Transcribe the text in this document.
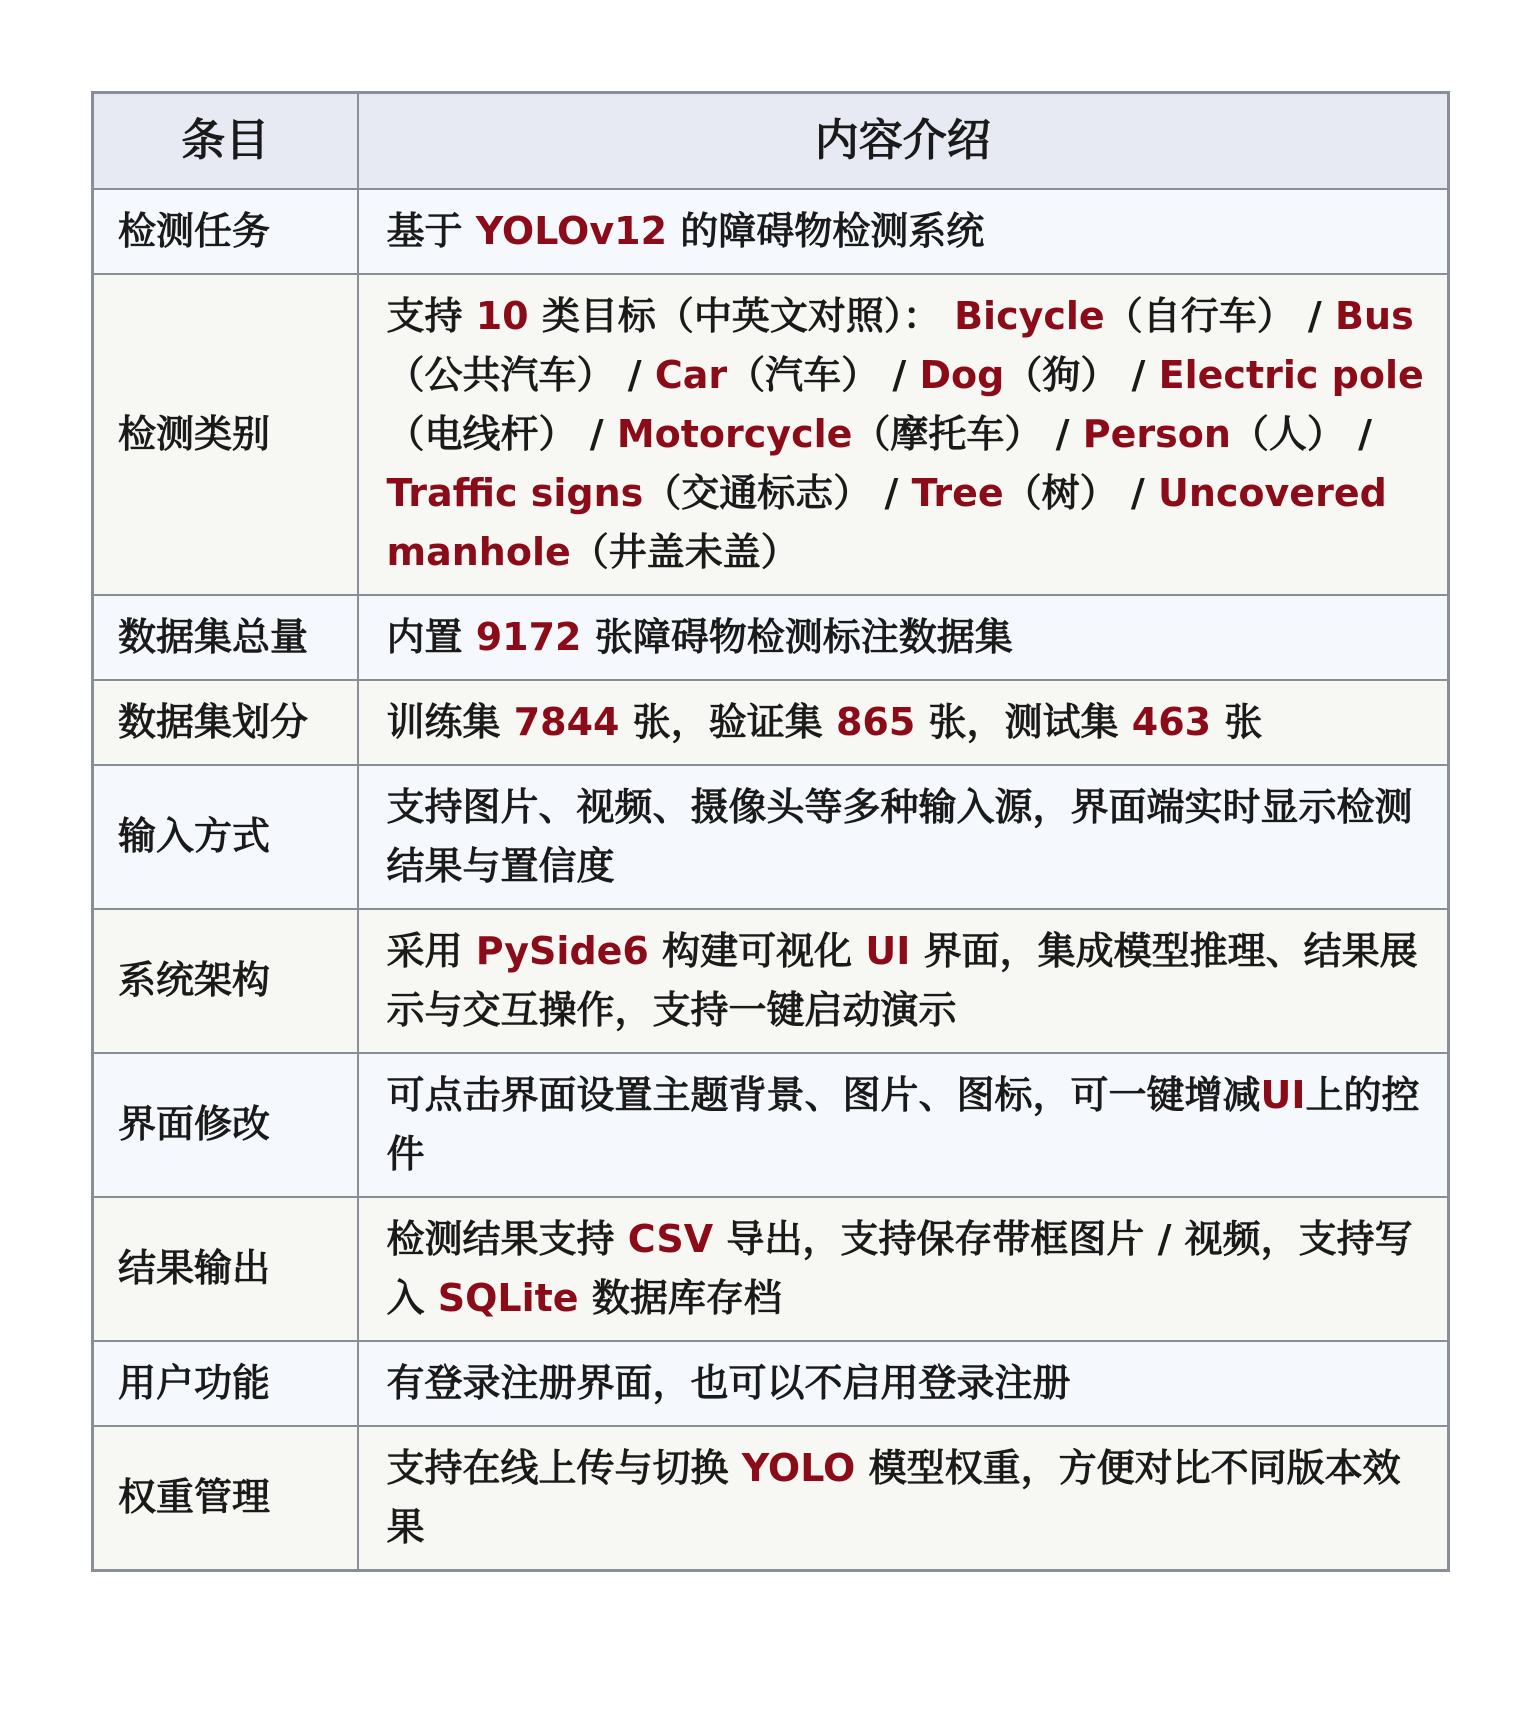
条目	内容介绍
检测任务	基于 YOLOv12 的障碍物检测系统
检测类别	支持 10 类目标（中英文对照）： Bicycle（自行车） / Bus（公共汽车） / Car（汽车） / Dog（狗） / Electric pole（电线杆） / Motorcycle（摩托车） / Person（人） / Traffic signs（交通标志） / Tree（树） / Uncovered manhole（井盖未盖）
数据集总量	内置 9172 张障碍物检测标注数据集
数据集划分	训练集 7844 张，验证集 865 张，测试集 463 张
输入方式	支持图片、视频、摄像头等多种输入源，界面端实时显示检测结果与置信度
系统架构	采用 PySide6 构建可视化 UI 界面，集成模型推理、结果展示与交互操作，支持一键启动演示
界面修改	可点击界面设置主题背景、图片、图标，可一键增减UI上的控件
结果输出	检测结果支持 CSV 导出，支持保存带框图片 / 视频，支持写入 SQLite 数据库存档
用户功能	有登录注册界面，也可以不启用登录注册
权重管理	支持在线上传与切换 YOLO 模型权重，方便对比不同版本效果
